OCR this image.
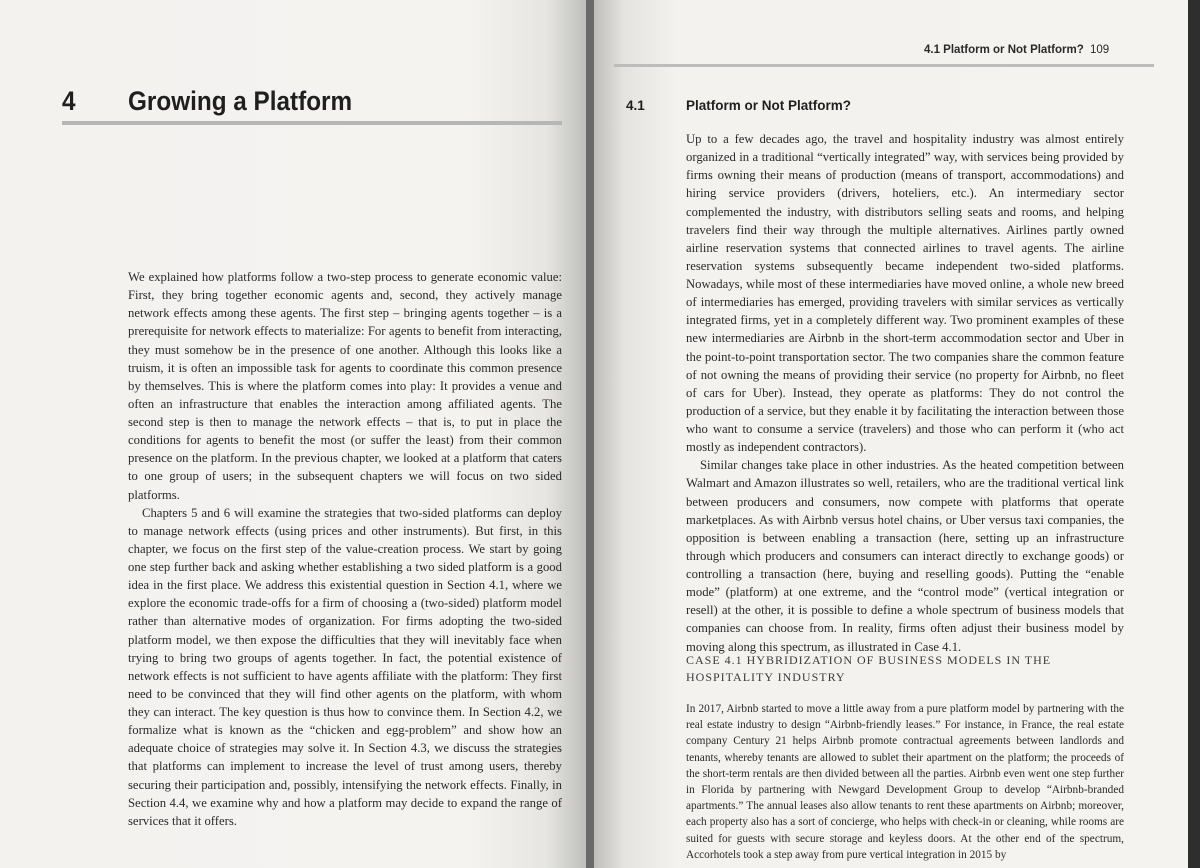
4 Growing a Platform

We explained how platforms follow a two-step process to generate economic value: First, they bring together economic agents and, second, they actively manage network effects among these agents. The first step – bringing agents together – is a prerequisite for network effects to materialize: For agents to benefit from interacting, they must somehow be in the presence of one another. Although this looks like a truism, it is often an impossible task for agents to coordinate this common presence by themselves. This is where the platform comes into play: It provides a venue and often an infrastructure that enables the interaction among affiliated agents. The second step is then to manage the network effects – that is, to put in place the conditions for agents to benefit the most (or suffer the least) from their common presence on the platform. In the previous chapter, we looked at a platform that caters to one group of users; in the subsequent chapters we will focus on two sided platforms.

Chapters 5 and 6 will examine the strategies that two-sided platforms can deploy to manage network effects (using prices and other instruments). But first, in this chapter, we focus on the first step of the value-creation process. We start by going one step further back and asking whether establishing a two sided platform is a good idea in the first place. We address this existential question in Section 4.1, where we explore the economic trade-offs for a firm of choosing a (two-sided) platform model rather than alternative modes of organization. For firms adopting the two-sided platform model, we then expose the difficulties that they will inevitably face when trying to bring two groups of agents together. In fact, the potential existence of network effects is not sufficient to have agents affiliate with the platform: They first need to be convinced that they will find other agents on the platform, with whom they can interact. The key question is thus how to convince them. In Section 4.2, we formalize what is known as the “chicken and egg-problem” and show how an adequate choice of strategies may solve it. In Section 4.3, we discuss the strategies that platforms can implement to increase the level of trust among users, thereby securing their participation and, possibly, intensifying the network effects. Finally, in Section 4.4, we examine why and how a platform may decide to expand the range of services that it offers.

4.1 Platform or Not Platform? 109
4.1	Platform or Not Platform?

Up to a few decades ago, the travel and hospitality industry was almost entirely organized in a traditional “vertically integrated” way, with services being provided by firms owning their means of production (means of transport, accommodations) and hiring service providers (drivers, hoteliers, etc.). An intermediary sector complemented the industry, with distributors selling seats and rooms, and helping travelers find their way through the multiple alternatives. Airlines partly owned airline reservation systems that connected airlines to travel agents. The airline reservation systems subsequently became independent two-sided platforms. Nowadays, while most of these intermediaries have moved online, a whole new breed of intermediaries has emerged, providing travelers with similar services as vertically integrated firms, yet in a completely different way. Two prominent examples of these new intermediaries are Airbnb in the short-term accommodation sector and Uber in the point-to-point transportation sector. The two companies share the common feature of not owning the means of providing their service (no property for Airbnb, no fleet of cars for Uber). Instead, they operate as platforms: They do not control the production of a service, but they enable it by facilitating the interaction between those who want to consume a service (travelers) and those who can perform it (who act mostly as independent contractors).

Similar changes take place in other industries. As the heated competition between Walmart and Amazon illustrates so well, retailers, who are the traditional vertical link between producers and consumers, now compete with platforms that operate marketplaces. As with Airbnb versus hotel chains, or Uber versus taxi companies, the opposition is between enabling a transaction (here, setting up an infrastructure through which producers and consumers can interact directly to exchange goods) or controlling a transaction (here, buying and reselling goods). Putting the “enable mode” (platform) at one extreme, and the “control mode” (vertical integration or resell) at the other, it is possible to define a whole spectrum of business models that companies can choose from. In reality, firms often adjust their business model by moving along this spectrum, as illustrated in Case 4.1.

CASE 4.1 HYBRIDIZATION OF BUSINESS MODELS IN THE HOSPITALITY INDUSTRY

In 2017, Airbnb started to move a little away from a pure platform model by partnering with the real estate industry to design “Airbnb-friendly leases.” For instance, in France, the real estate company Century 21 helps Airbnb promote contractual agreements between landlords and tenants, whereby tenants are allowed to sublet their apartment on the platform; the proceeds of the short-term rentals are then divided between all the parties. Airbnb even went one step further in Florida by partnering with Newgard Development Group to develop “Airbnb-branded apartments.” The annual leases also allow tenants to rent these apartments on Airbnb; moreover, each property also has a sort of concierge, who helps with check-in or cleaning, while rooms are suited for guests with secure storage and keyless doors. At the other end of the spectrum, Accorhotels took a step away from pure vertical integration in 2015 by
